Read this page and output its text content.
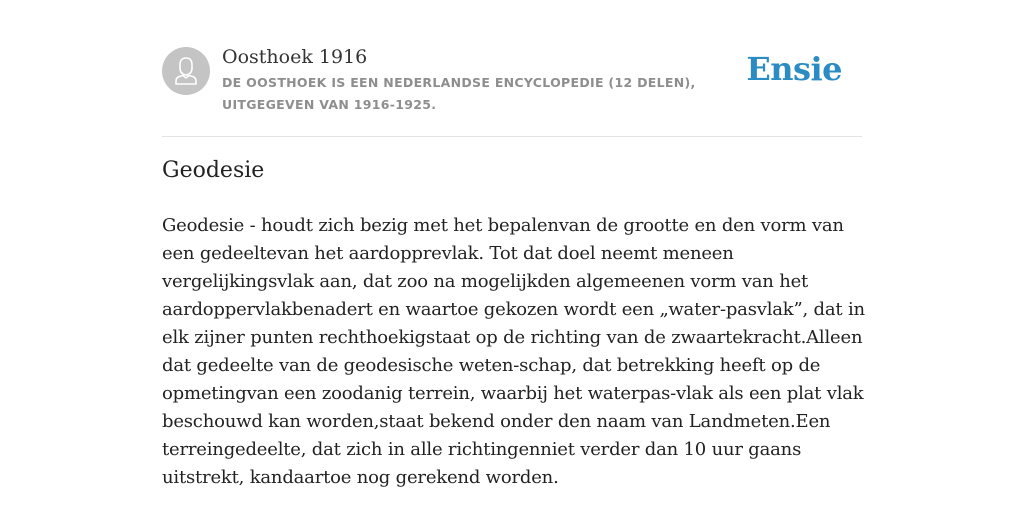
Oosthoek 1916
DE OOSTHOEK IS EEN NEDERLANDSE ENCYCLOPEDIE (12 DELEN), UITGEGEVEN VAN 1916-1925.
Ensie
Geodesie

Geodesie - houdt zich bezig met het bepalenvan de grootte en den vorm van een gedeeltevan het aardopprevlak. Tot dat doel neemt meneen vergelijkingsvlak aan, dat zoo na mogelijkden algemeenen vorm van het aardoppervlakbenadert en waartoe gekozen wordt een „water-pasvlak”, dat in elk zijner punten rechthoekigstaat op de richting van de zwaartekracht.Alleen dat gedeelte van de geodesische weten-schap, dat betrekking heeft op de opmetingvan een zoodanig terrein, waarbij het waterpas-vlak als een plat vlak beschouwd kan worden,staat bekend onder den naam van Landmeten.Een terreingedeelte, dat zich in alle richtingenniet verder dan 10 uur gaans uitstrekt, kandaartoe nog gerekend worden.
